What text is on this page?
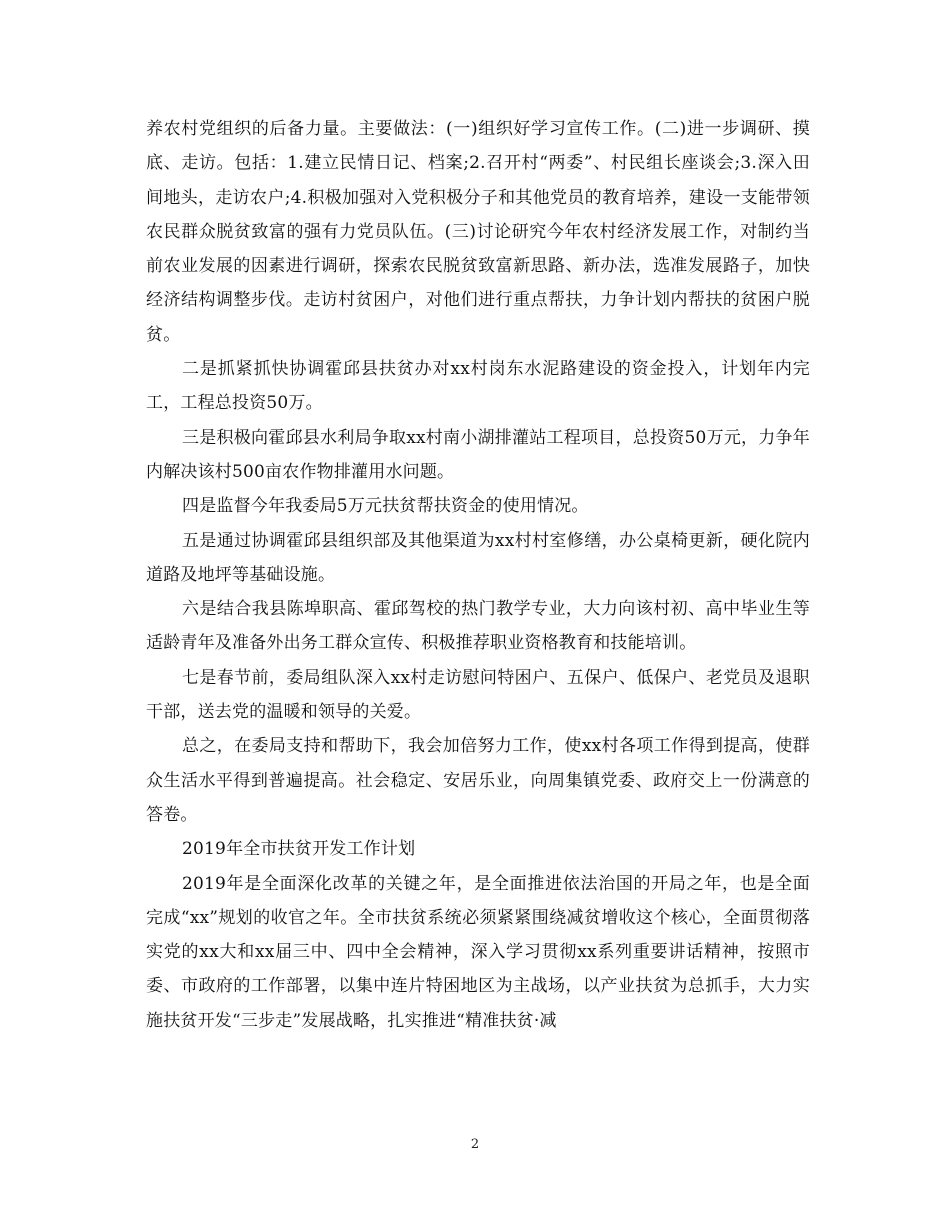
养农村党组织的后备力量。主要做法：(一)组织好学习宣传工作。(二)进一步调研、摸底、走访。包括：1.建立民情日记、档案;2.召开村“两委”、村民组长座谈会;3.深入田间地头，走访农户;4.积极加强对入党积极分子和其他党员的教育培养，建设一支能带领农民群众脱贫致富的强有力党员队伍。(三)讨论研究今年农村经济发展工作，对制约当前农业发展的因素进行调研，探索农民脱贫致富新思路、新办法，选准发展路子，加快经济结构调整步伐。走访村贫困户，对他们进行重点帮扶，力争计划内帮扶的贫困户脱贫。

二是抓紧抓快协调霍邱县扶贫办对xx村岗东水泥路建设的资金投入，计划年内完工，工程总投资50万。

三是积极向霍邱县水利局争取xx村南小湖排灌站工程项目，总投资50万元，力争年内解决该村500亩农作物排灌用水问题。

四是监督今年我委局5万元扶贫帮扶资金的使用情况。

五是通过协调霍邱县组织部及其他渠道为xx村村室修缮，办公桌椅更新，硬化院内道路及地坪等基础设施。

六是结合我县陈埠职高、霍邱驾校的热门教学专业，大力向该村初、高中毕业生等适龄青年及准备外出务工群众宣传、积极推荐职业资格教育和技能培训。

七是春节前，委局组队深入xx村走访慰问特困户、五保户、低保户、老党员及退职干部，送去党的温暖和领导的关爱。

总之，在委局支持和帮助下，我会加倍努力工作，使xx村各项工作得到提高，使群众生活水平得到普遍提高。社会稳定、安居乐业，向周集镇党委、政府交上一份满意的答卷。

2019年全市扶贫开发工作计划

2019年是全面深化改革的关键之年，是全面推进依法治国的开局之年，也是全面完成“xx”规划的收官之年。全市扶贫系统必须紧紧围绕减贫增收这个核心，全面贯彻落实党的xx大和xx届三中、四中全会精神，深入学习贯彻xx系列重要讲话精神，按照市委、市政府的工作部署，以集中连片特困地区为主战场，以产业扶贫为总抓手，大力实施扶贫开发“三步走”发展战略，扎实推进“精准扶贫·减

2
